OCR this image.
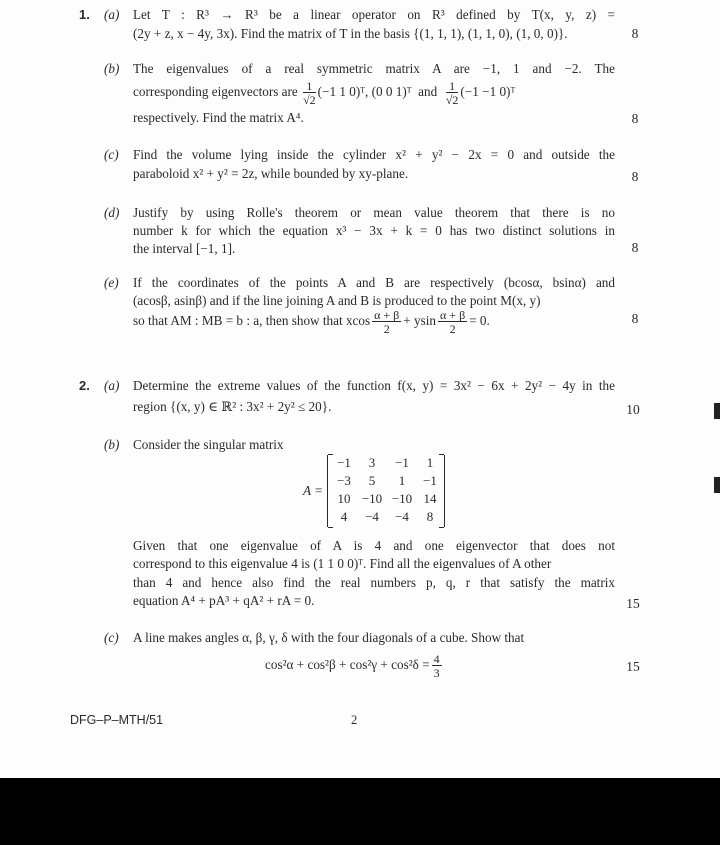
1. (a) Let T : R³ → R³ be a linear operator on R³ defined by T(x, y, z) =
(2y + z, x − 4y, 3x). Find the matrix of T in the basis {(1, 1, 1), (1, 1, 0), (1, 0, 0)}.	8
(b) The eigenvalues of a real symmetric matrix A are −1, 1 and −2. The
corresponding eigenvectors are $\frac{1}{√2} (-1$ 1 0)ᵀ, (0 0 1)ᵀ and $\frac{1}{√2} (-1 -1$ 0)ᵀ
respectively. Find the matrix A⁴.	8
(c) Find the volume lying inside the cylinder x² + y² − 2x = 0 and outside the
paraboloid x² + y² = 2z, while bounded by xy-plane.	8
(d) Justify by using Rolle's theorem or mean value theorem that there is no
number k for which the equation x³ − 3x + k = 0 has two distinct solutions in
the interval [−1, 1].	8
(e) If the coordinates of the points A and B are respectively (bcosα, bsinα) and
(acosβ, asinβ) and if the line joining A and B is produced to the point M(x, y)
so that AM : MB = b : a, then show that xcos $\frac{\alpha + \beta}{2} + ysin \frac{\alpha + \beta}{2} = 0$.	8
2. (a) Determine the extreme values of the function f(x, y) = 3x² − 6x + 2y² − 4y in the
region {(x, y) ∈ ℝ² : 3x² + 2y² ≤ 20}.	10
(b) Consider the singular matrix
A =
−1	3	−1	1
−3	5	1	−1
10 −10 −10 14
4	−4	−4	8
Given that one eigenvalue of A is 4 and one eigenvector that does not
correspond to this eigenvalue 4 is (1 1 0 0)ᵀ. Find all the eigenvalues of A other
than 4 and hence also find the real numbers p, q, r that satisfy the matrix
equation A⁴ + pA³ + qA² + rA = 0.	15
(c) A line makes angles α, β, γ, δ with the four diagonals of a cube. Show that
$\cos^2\alpha + \cos^2\beta + \cos^2\gamma + \cos^2\delta = \frac{4}{3}$	15
DFG–P–MTH/51	2
